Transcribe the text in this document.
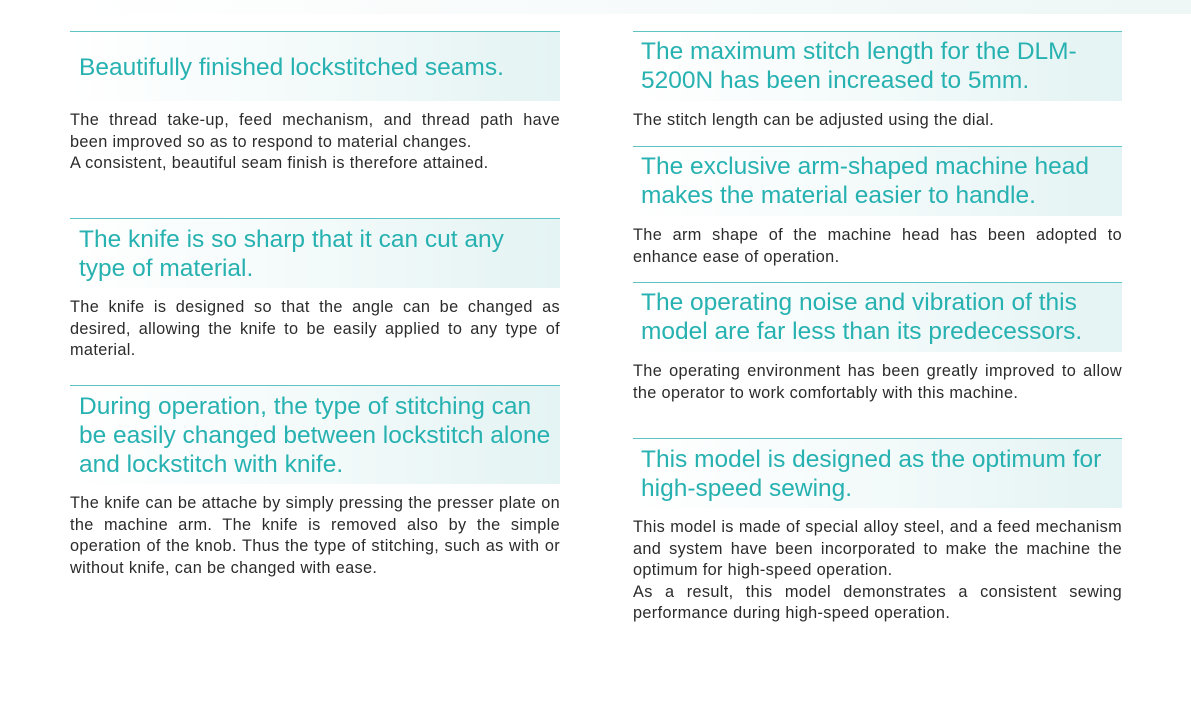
Beautifully finished lockstitched seams.
The thread take-up, feed mechanism, and thread path have been improved so as to respond to material changes.
A consistent, beautiful seam finish is therefore attained.
The knife is so sharp that it can cut any type of material.
The knife is designed so that the angle can be changed as desired, allowing the knife to be easily applied to any type of material.
During operation, the type of stitching can be easily changed between lockstitch alone and lockstitch with knife.
The knife can be attache by simply pressing the presser plate on the machine arm. The knife is removed also by the simple operation of the knob. Thus the type of stitching, such as with or without knife, can be changed with ease.
The maximum stitch length for the DLM-5200N has been increased to 5mm.
The stitch length can be adjusted using the dial.
The exclusive arm-shaped machine head makes the material easier to handle.
The arm shape of the machine head has been adopted to enhance ease of operation.
The operating noise and vibration of this model are far less than its predecessors.
The operating environment has been greatly improved to allow the operator to work comfortably with this machine.
This model is designed as the optimum for high-speed sewing.
This model is made of special alloy steel, and a feed mechanism and system have been incorporated to make the machine the optimum for high-speed operation.
As a result, this model demonstrates a consistent sewing performance during high-speed operation.
